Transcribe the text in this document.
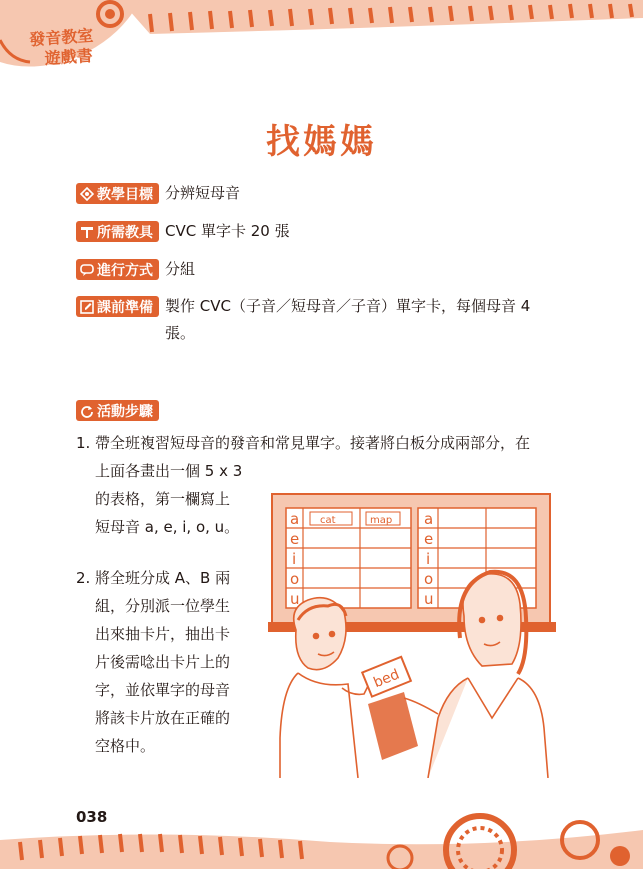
發音教室
遊戲書
找媽媽
教學目標 分辨短母音
所需教具 CVC 單字卡 20 張
進行方式 分組
課前準備 製作 CVC（子音／短母音／子音）單字卡，每個母音 4
張。
活動步驟
1. 帶全班複習短母音的發音和常見單字。接著將白板分成兩部分，在
上面各畫出一個 5 x 3
的表格，第一欄寫上
短母音 a, e, i, o, u。
2. 將全班分成 A、B 兩
組，分別派一位學生
出來抽卡片，抽出卡
片後需唸出卡片上的
字，並依單字的母音
將該卡片放在正確的
空格中。
a
e
i
o
u
a
e
i
o
u
cat	map
bed
038
